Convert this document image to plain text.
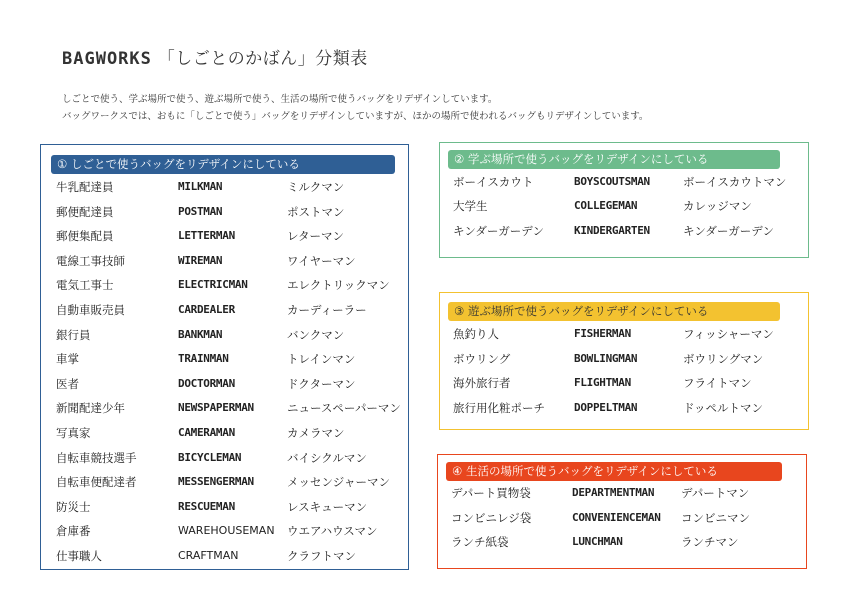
BAGWORKS 「しごとのかばん」分類表
しごとで使う、学ぶ場所で使う、遊ぶ場所で使う、生活の場所で使うバッグをリデザインしています。
バッグワークスでは、おもに「しごとで使う」バッグをリデザインしていますが、ほかの場所で使われるバッグもリデザインしています。
① しごとで使うバッグをリデザインにしている
牛乳配達員	MILKMAN	ミルクマン
郵便配達員	POSTMAN	ポストマン
郵便集配員	LETTERMAN	レターマン
電線工事技師	WIREMAN	ワイヤーマン
電気工事士	ELECTRICMAN	エレクトリックマン
自動車販売員	CARDEALER	カーディーラー
銀行員	BANKMAN	バンクマン
車掌	TRAINMAN	トレインマン
医者	DOCTORMAN	ドクターマン
新聞配達少年	NEWSPAPERMAN	ニュースペーパーマン
写真家	CAMERAMAN	カメラマン
自転車競技選手	BICYCLEMAN	バイシクルマン
自転車便配達者	MESSENGERMAN	メッセンジャーマン
防災士	RESCUEMAN	レスキューマン
倉庫番	WAREHOUSEMAN ウエアハウスマン
仕事職人	CRAFTMAN	クラフトマン
② 学ぶ場所で使うバッグをリデザインにしている
ボーイスカウト	BOYSCOUTSMAN	ボーイスカウトマン
大学生	COLLEGEMAN	カレッジマン
キンダーガーデン	KINDERGARTEN	キンダーガーデン
③ 遊ぶ場所で使うバッグをリデザインにしている
魚釣り人	FISHERMAN	フィッシャーマン
ボウリング	BOWLINGMAN	ボウリングマン
海外旅行者	FLIGHTMAN	フライトマン
旅行用化粧ポーチ	DOPPELTMAN	ドッペルトマン
④ 生活の場所で使うバッグをリデザインにしている
デパート買物袋	DEPARTMENTMAN デパートマン
コンビニレジ袋	CONVENIENCEMAN コンビニマン
ランチ紙袋	LUNCHMAN	ランチマン
